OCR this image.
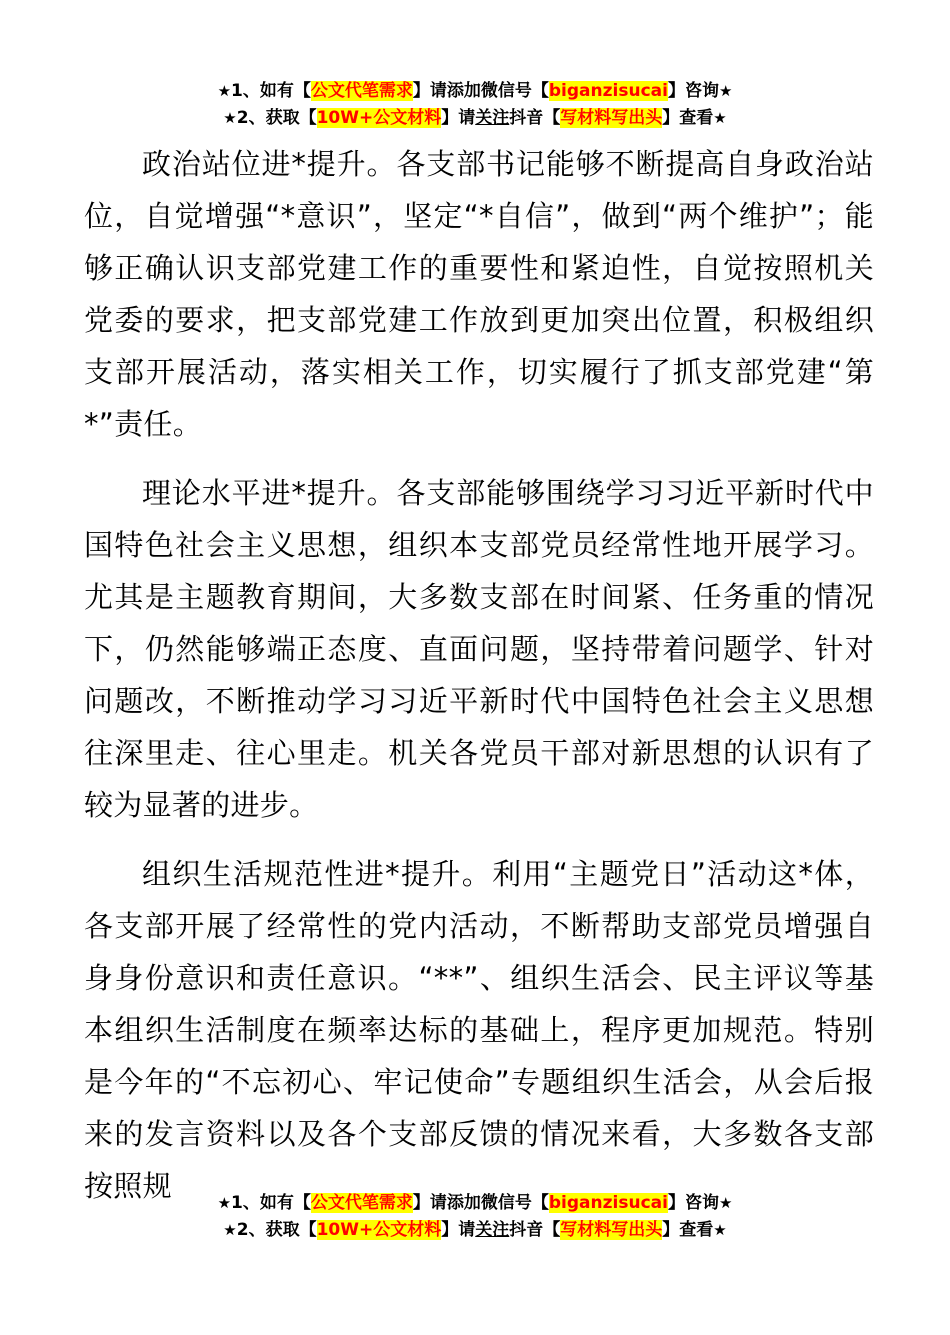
★1、如有【公文代笔需求】请添加微信号【biganzisucai】咨询★
★2、获取【10W+公文材料】请关注抖音【写材料写出头】查看★

政治站位进*提升。各支部书记能够不断提高自身政治站位，自觉增强“*意识”，坚定“*自信”，做到“两个维护”；能够正确认识支部党建工作的重要性和紧迫性，自觉按照机关党委的要求，把支部党建工作放到更加突出位置，积极组织支部开展活动，落实相关工作，切实履行了抓支部党建“第*”责任。

理论水平进*提升。各支部能够围绕学习习近平新时代中国特色社会主义思想，组织本支部党员经常性地开展学习。尤其是主题教育期间，大多数支部在时间紧、任务重的情况下，仍然能够端正态度、直面问题，坚持带着问题学、针对问题改，不断推动学习习近平新时代中国特色社会主义思想往深里走、往心里走。机关各党员干部对新思想的认识有了较为显著的进步。

组织生活规范性进*提升。利用“主题党日”活动这*体，各支部开展了经常性的党内活动，不断帮助支部党员增强自身身份意识和责任意识。“**”、组织生活会、民主评议等基本组织生活制度在频率达标的基础上，程序更加规范。特别是今年的“不忘初心、牢记使命”专题组织生活会，从会后报来的发言资料以及各个支部反馈的情况来看，大多数各支部按照规	★1、如有【公文代笔需求】请添加微信号【biganzisucai】咨询★
★2、获取【10W+公文材料】请关注抖音【写材料写出头】查看★
